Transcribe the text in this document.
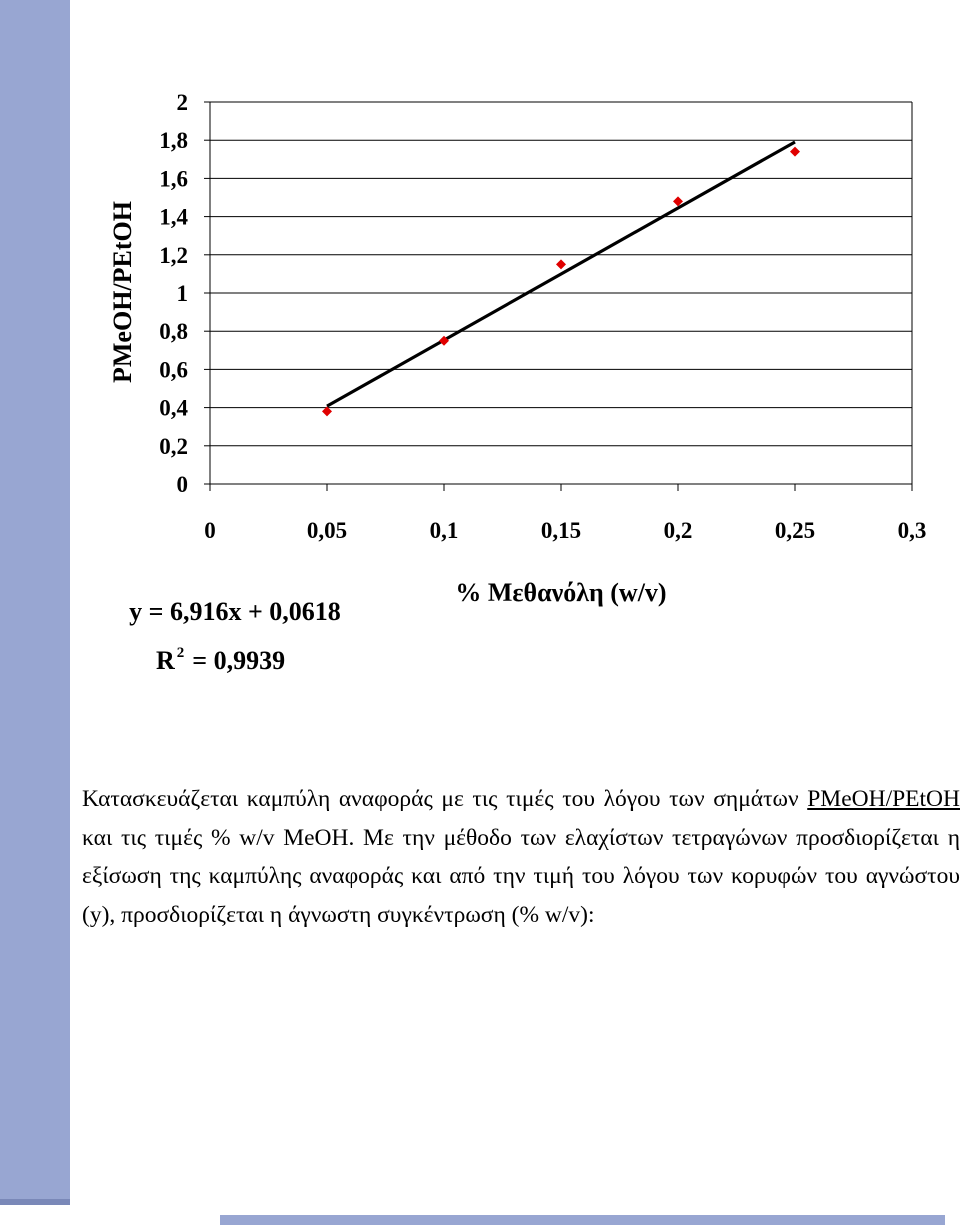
0
0,2
0,4
0,6
0,8
1
1,2
1,4
1,6
1,8
2
0	0,05	0,1	0,15	0,2	0,25	0,3
PMeOH/PEtOH
% Μεθανόλη (w/v)
y = 6,916x + 0,0618
R $^2$ = 0,9939
Κατασκευάζεται καμπύλη αναφοράς με τις τιμές του λόγου των σημάτων PMeOH/PEtOH και τις τιμές % w/v MeOH. Με την μέθοδο των ελαχίστων τετραγώνων προσδιορίζεται η εξίσωση της καμπύλης αναφοράς και από την τιμή του λόγου των κορυφών του αγνώστου (y), προσδιορίζεται η άγνωστη συγκέντρωση (% w/v):
